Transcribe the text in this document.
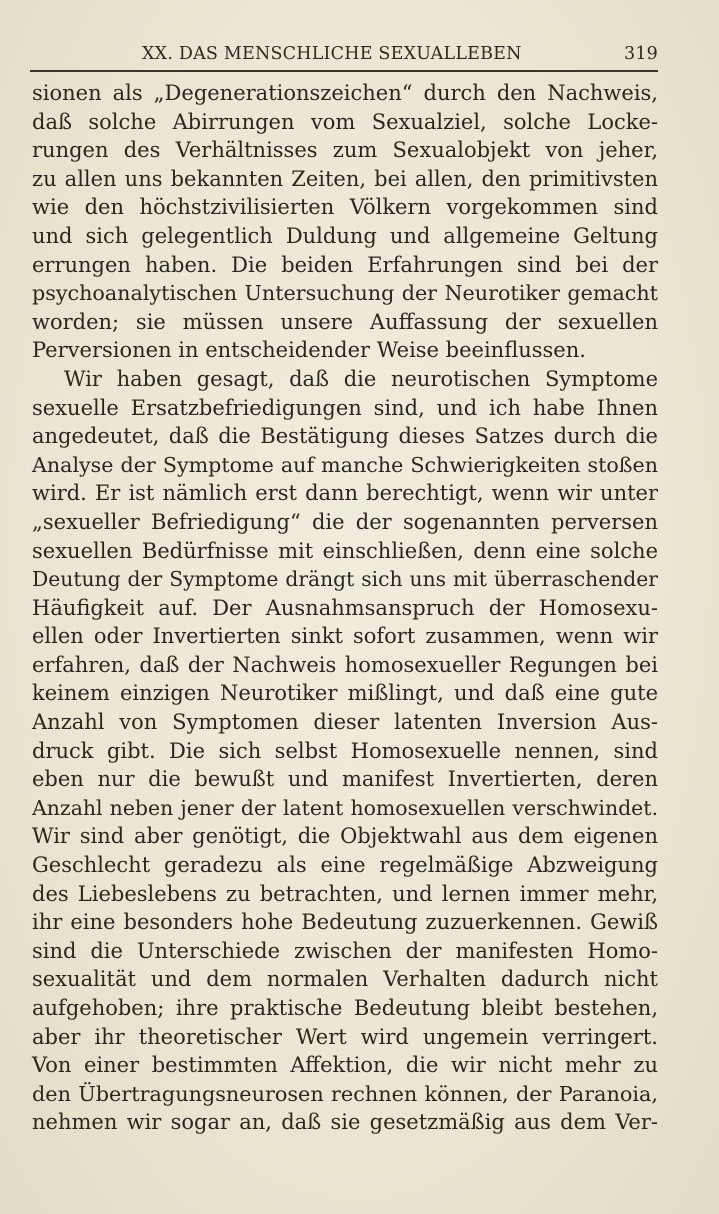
XX. DAS MENSCHLICHE SEXUALLEBEN	319
sionen als „Degenerationszeichen“ durch den Nachweis,
daß solche Abirrungen vom Sexualziel, solche Locke-
rungen des Verhältnisses zum Sexualobjekt von jeher,
zu allen uns bekannten Zeiten, bei allen, den primitivsten
wie den höchstzivilisierten Völkern vorgekommen sind
und sich gelegentlich Duldung und allgemeine Geltung
errungen haben. Die beiden Erfahrungen sind bei der
psychoanalytischen Untersuchung der Neurotiker gemacht
worden; sie müssen unsere Auffassung der sexuellen
Perversionen in entscheidender Weise beeinflussen.
Wir haben gesagt, daß die neurotischen Symptome
sexuelle Ersatzbefriedigungen sind, und ich habe Ihnen
angedeutet, daß die Bestätigung dieses Satzes durch die
Analyse der Symptome auf manche Schwierigkeiten stoßen
wird. Er ist nämlich erst dann berechtigt, wenn wir unter
„sexueller Befriedigung“ die der sogenannten perversen
sexuellen Bedürfnisse mit einschließen, denn eine solche
Deutung der Symptome drängt sich uns mit überraschender
Häufigkeit auf. Der Ausnahmsanspruch der Homosexu-
ellen oder Invertierten sinkt sofort zusammen, wenn wir
erfahren, daß der Nachweis homosexueller Regungen bei
keinem einzigen Neurotiker mißlingt, und daß eine gute
Anzahl von Symptomen dieser latenten Inversion Aus-
druck gibt. Die sich selbst Homosexuelle nennen, sind
eben nur die bewußt und manifest Invertierten, deren
Anzahl neben jener der latent homosexuellen verschwindet.
Wir sind aber genötigt, die Objektwahl aus dem eigenen
Geschlecht geradezu als eine regelmäßige Abzweigung
des Liebeslebens zu betrachten, und lernen immer mehr,
ihr eine besonders hohe Bedeutung zuzuerkennen. Gewiß
sind die Unterschiede zwischen der manifesten Homo-
sexualität und dem normalen Verhalten dadurch nicht
aufgehoben; ihre praktische Bedeutung bleibt bestehen,
aber ihr theoretischer Wert wird ungemein verringert.
Von einer bestimmten Affektion, die wir nicht mehr zu
den Übertragungsneurosen rechnen können, der Paranoia,
nehmen wir sogar an, daß sie gesetzmäßig aus dem Ver-
